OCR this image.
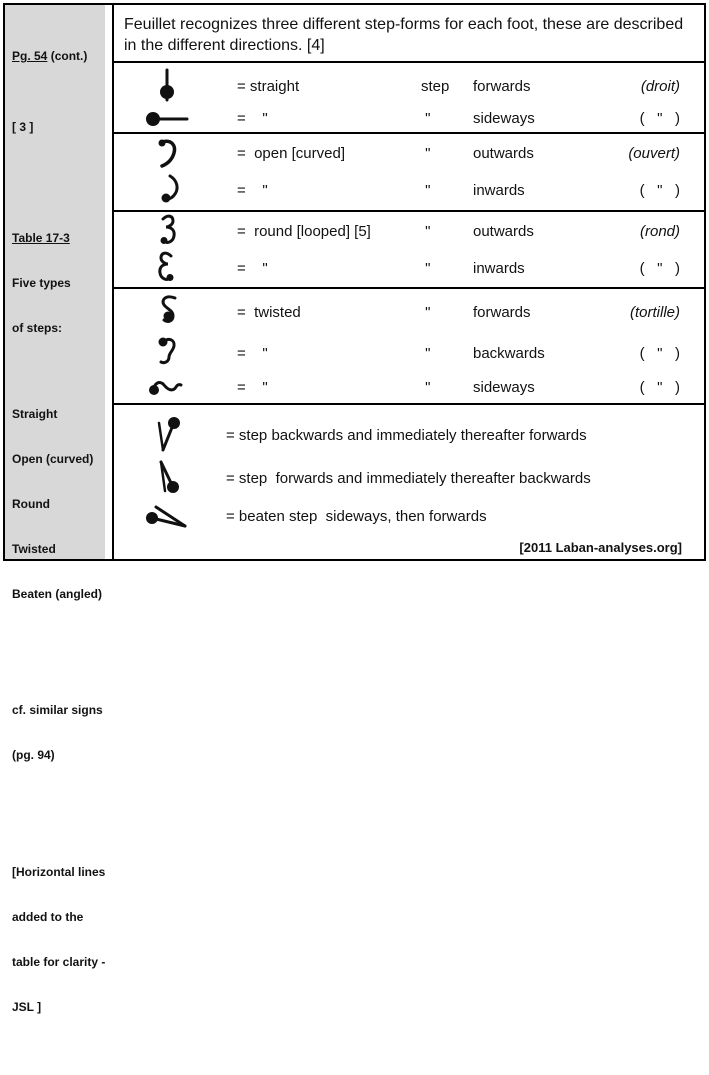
Pg. 54 (cont.)

[ 3 ]

Table 17-3

Five types

of steps:

Straight

Open (curved)

Round

Twisted

Beaten (angled)

cf. similar signs

(pg. 94)

[Horizontal lines

added to the

table for clarity -

JSL ]

Feuillet recognizes three different step-forms for each foot, these are described in the different directions. [4]
= straight	step	forwards	(droit)
=    "	"	sideways	(   "   )
=  open [curved]	"	outwards	(ouvert)
=    "	"	inwards	(   "   )
=  round [looped] [5]	"	outwards	(rond)
=    "	"	inwards	(   "   )
=  twisted	"	forwards	(tortille)
=    "	"	backwards	(   "   )
=    "	"	sideways	(   "   )
= step backwards and immediately thereafter forwards
= step  forwards and immediately thereafter backwards
= beaten step  sideways, then forwards
[2011 Laban-analyses.org]
